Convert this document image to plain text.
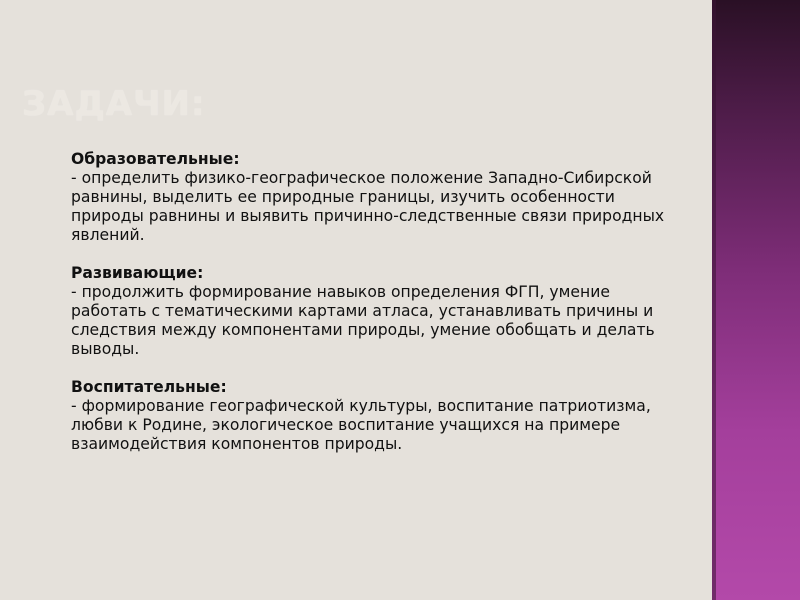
ЗАДАЧИ:
Образовательные:
- определить физико-географическое положение Западно-Сибирской равнины, выделить ее природные границы, изучить особенности природы равнины и выявить причинно-следственные связи природных явлений.
Развивающие:
- продолжить формирование навыков определения ФГП, умение работать с тематическими картами атласа, устанавливать причины и следствия между компонентами природы, умение обобщать и делать выводы.
Воспитательные:
- формирование географической культуры, воспитание патриотизма, любви к Родине, экологическое воспитание учащихся на примере взаимодействия компонентов природы.
